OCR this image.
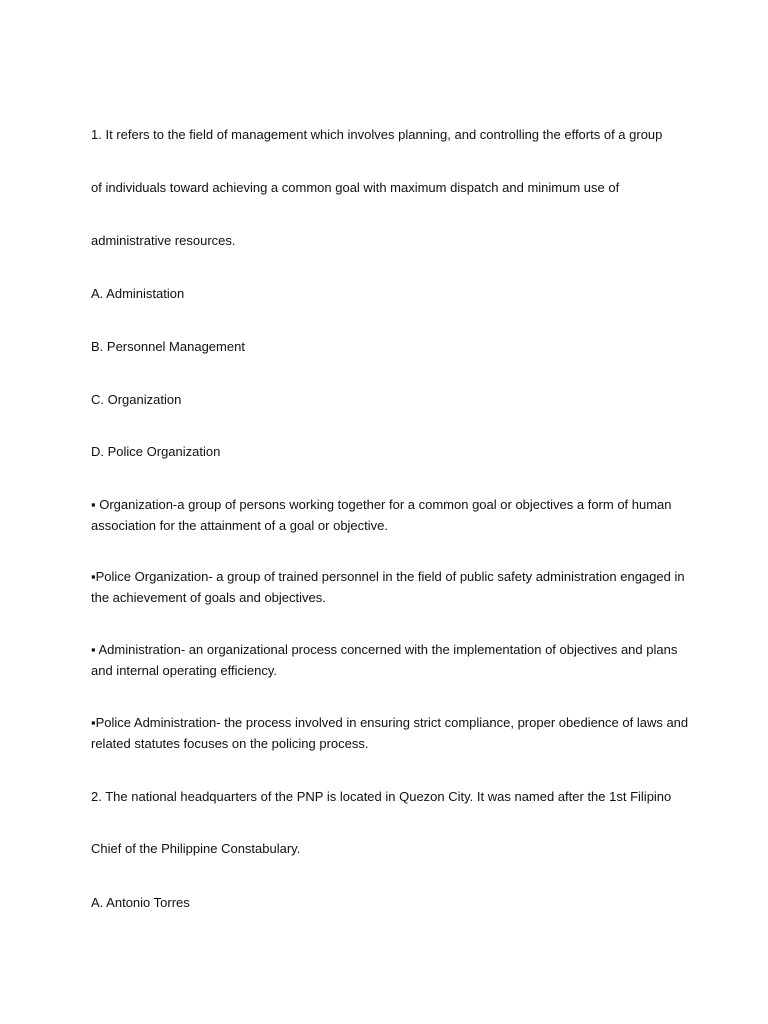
1. It refers to the field of management which involves planning, and controlling the efforts of a group
of individuals toward achieving a common goal with maximum dispatch and minimum use of
administrative resources.
A. Administation
B. Personnel Management
C. Organization
D. Police Organization
▪ Organization-a group of persons working together for a common goal or objectives a form of human association for the attainment of a goal or objective.
▪Police Organization- a group of trained personnel in the field of public safety administration engaged in the achievement of goals and objectives.
▪ Administration- an organizational process concerned with the implementation of objectives and plans and internal operating efficiency.
▪Police Administration- the process involved in ensuring strict compliance, proper obedience of laws and related statutes focuses on the policing process.
2. The national headquarters of the PNP is located in Quezon City. It was named after the 1st Filipino
Chief of the Philippine Constabulary.
A. Antonio Torres
